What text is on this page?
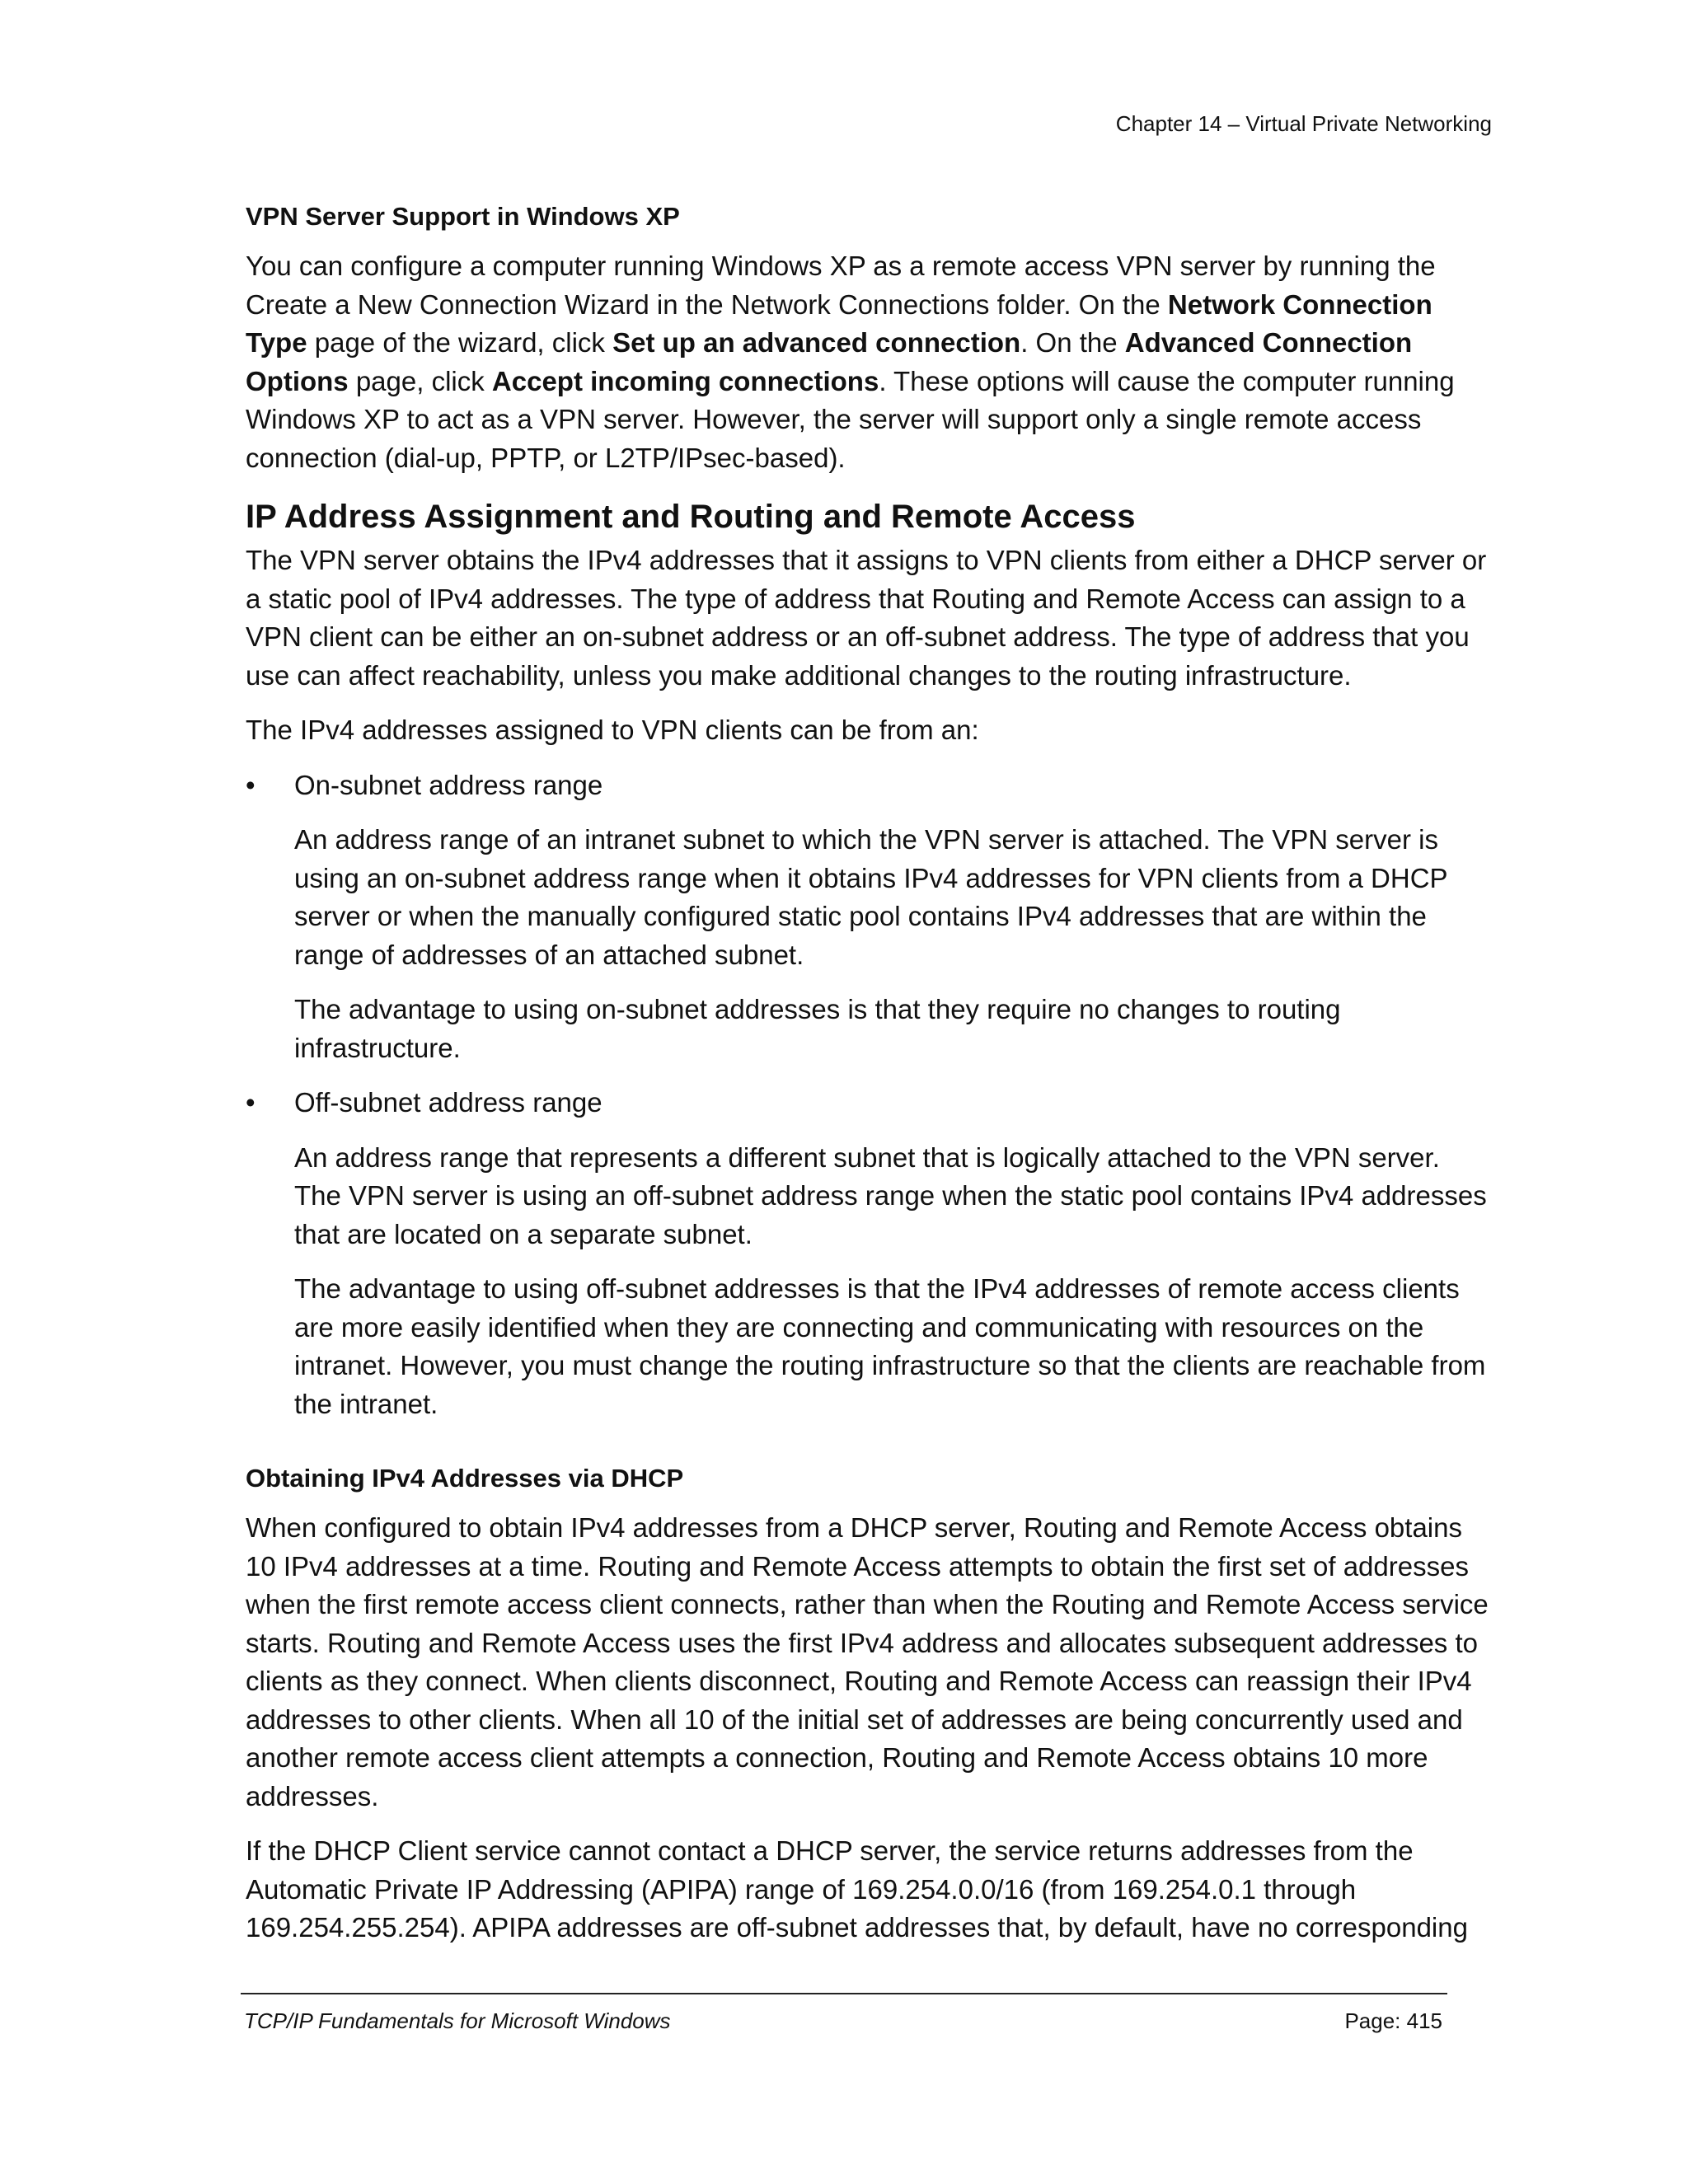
Chapter 14 – Virtual Private Networking
VPN Server Support in Windows XP

You can configure a computer running Windows XP as a remote access VPN server by running the Create a New Connection Wizard in the Network Connections folder. On the Network Connection Type page of the wizard, click Set up an advanced connection. On the Advanced Connection Options page, click Accept incoming connections. These options will cause the computer running Windows XP to act as a VPN server. However, the server will support only a single remote access connection (dial-up, PPTP, or L2TP/IPsec-based).

IP Address Assignment and Routing and Remote Access

The VPN server obtains the IPv4 addresses that it assigns to VPN clients from either a DHCP server or a static pool of IPv4 addresses. The type of address that Routing and Remote Access can assign to a VPN client can be either an on-subnet address or an off-subnet address. The type of address that you use can affect reachability, unless you make additional changes to the routing infrastructure.

The IPv4 addresses assigned to VPN clients can be from an:

•	On-subnet address range

An address range of an intranet subnet to which the VPN server is attached. The VPN server is using an on-subnet address range when it obtains IPv4 addresses for VPN clients from a DHCP server or when the manually configured static pool contains IPv4 addresses that are within the range of addresses of an attached subnet.

The advantage to using on-subnet addresses is that they require no changes to routing infrastructure.

•	Off-subnet address range

An address range that represents a different subnet that is logically attached to the VPN server. The VPN server is using an off-subnet address range when the static pool contains IPv4 addresses that are located on a separate subnet.

The advantage to using off-subnet addresses is that the IPv4 addresses of remote access clients are more easily identified when they are connecting and communicating with resources on the intranet. However, you must change the routing infrastructure so that the clients are reachable from the intranet.

Obtaining IPv4 Addresses via DHCP

When configured to obtain IPv4 addresses from a DHCP server, Routing and Remote Access obtains 10 IPv4 addresses at a time. Routing and Remote Access attempts to obtain the first set of addresses when the first remote access client connects, rather than when the Routing and Remote Access service starts. Routing and Remote Access uses the first IPv4 address and allocates subsequent addresses to clients as they connect. When clients disconnect, Routing and Remote Access can reassign their IPv4 addresses to other clients. When all 10 of the initial set of addresses are being concurrently used and another remote access client attempts a connection, Routing and Remote Access obtains 10 more addresses.

If the DHCP Client service cannot contact a DHCP server, the service returns addresses from the Automatic Private IP Addressing (APIPA) range of 169.254.0.0/16 (from 169.254.0.1 through 169.254.255.254). APIPA addresses are off-subnet addresses that, by default, have no corresponding

TCP/IP Fundamentals for Microsoft Windows	Page: 415
